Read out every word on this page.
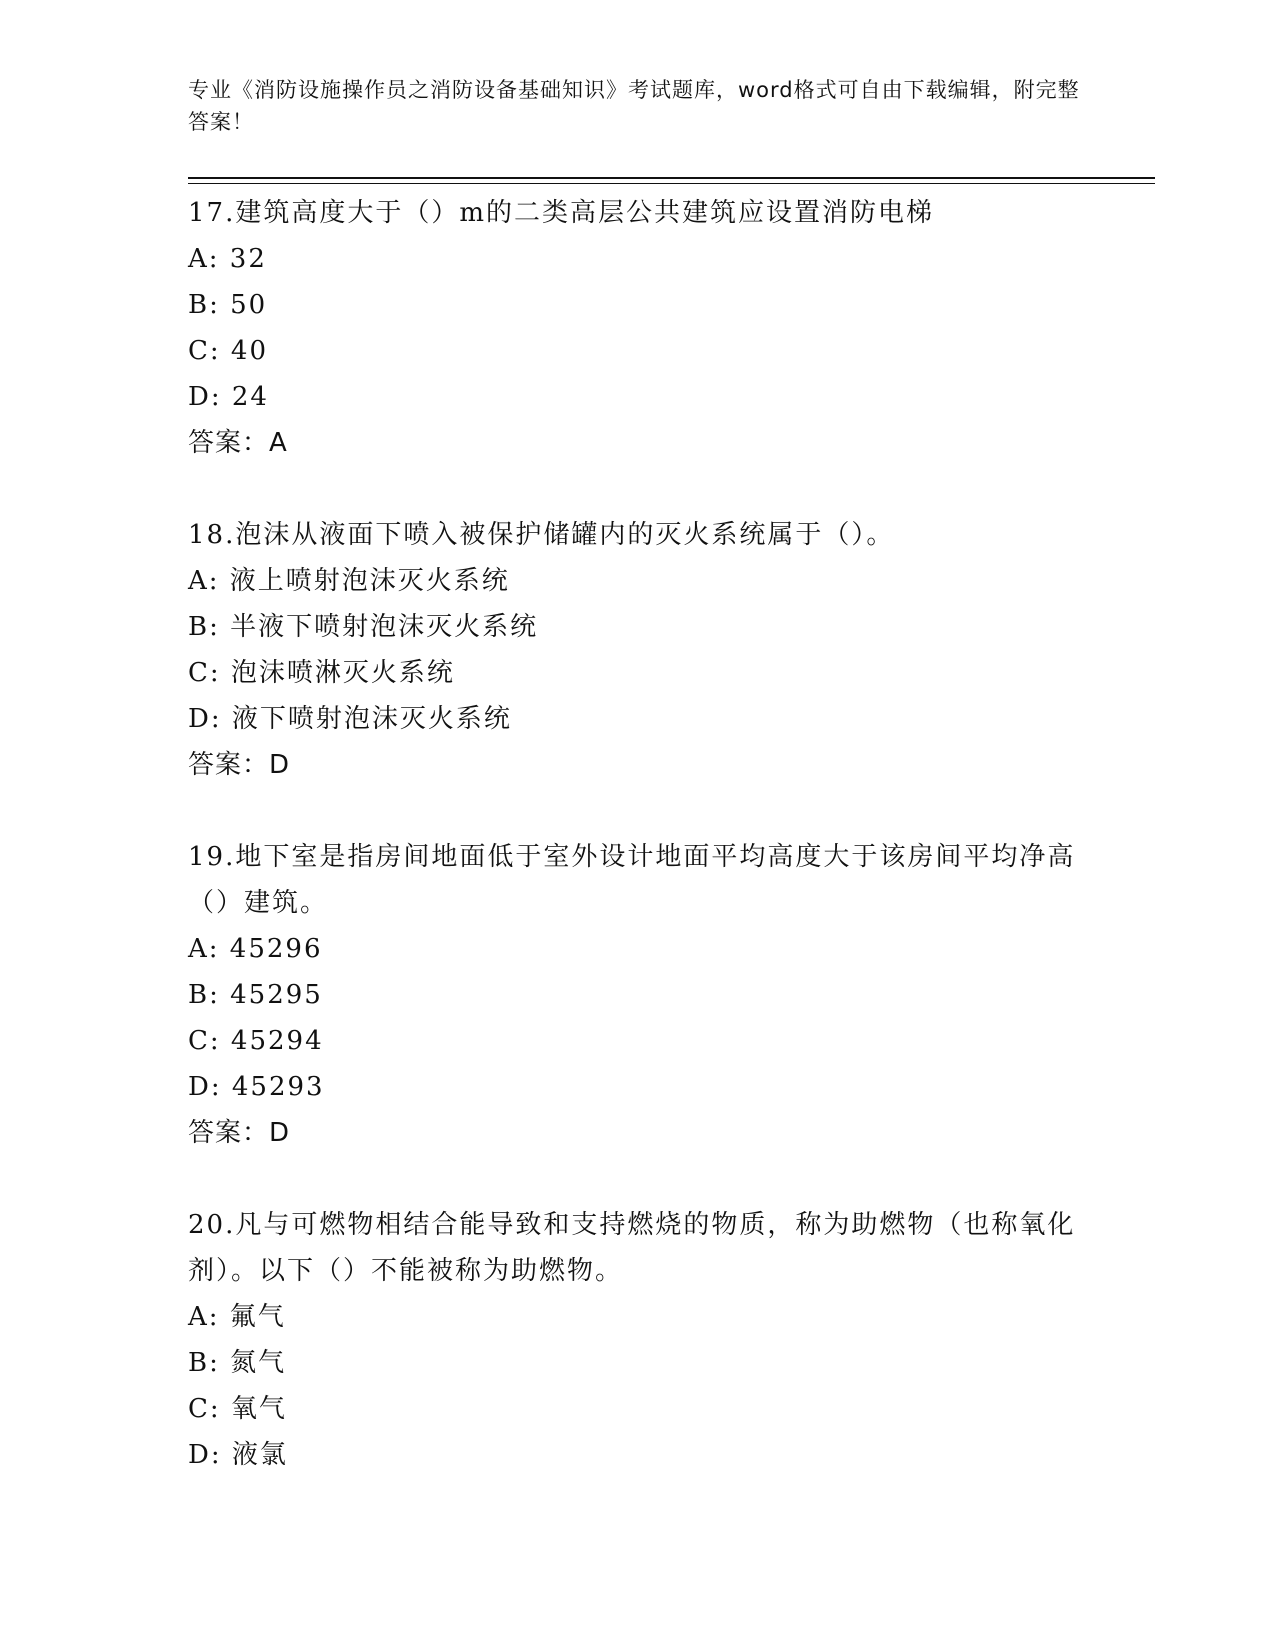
专业《消防设施操作员之消防设备基础知识》考试题库，word格式可自由下载编辑，附完整答案！
17.建筑高度大于（）m的二类高层公共建筑应设置消防电梯
A: 32
B: 50
C: 40
D: 24
答案：A
18.泡沫从液面下喷入被保护储罐内的灭火系统属于（）。
A: 液上喷射泡沫灭火系统
B: 半液下喷射泡沫灭火系统
C: 泡沫喷淋灭火系统
D: 液下喷射泡沫灭火系统
答案：D
19.地下室是指房间地面低于室外设计地面平均高度大于该房间平均净高（）建筑。
A: 45296
B: 45295
C: 45294
D: 45293
答案：D
20.凡与可燃物相结合能导致和支持燃烧的物质，称为助燃物（也称氧化剂）。以下（）不能被称为助燃物。
A: 氟气
B: 氮气
C: 氧气
D: 液氯
